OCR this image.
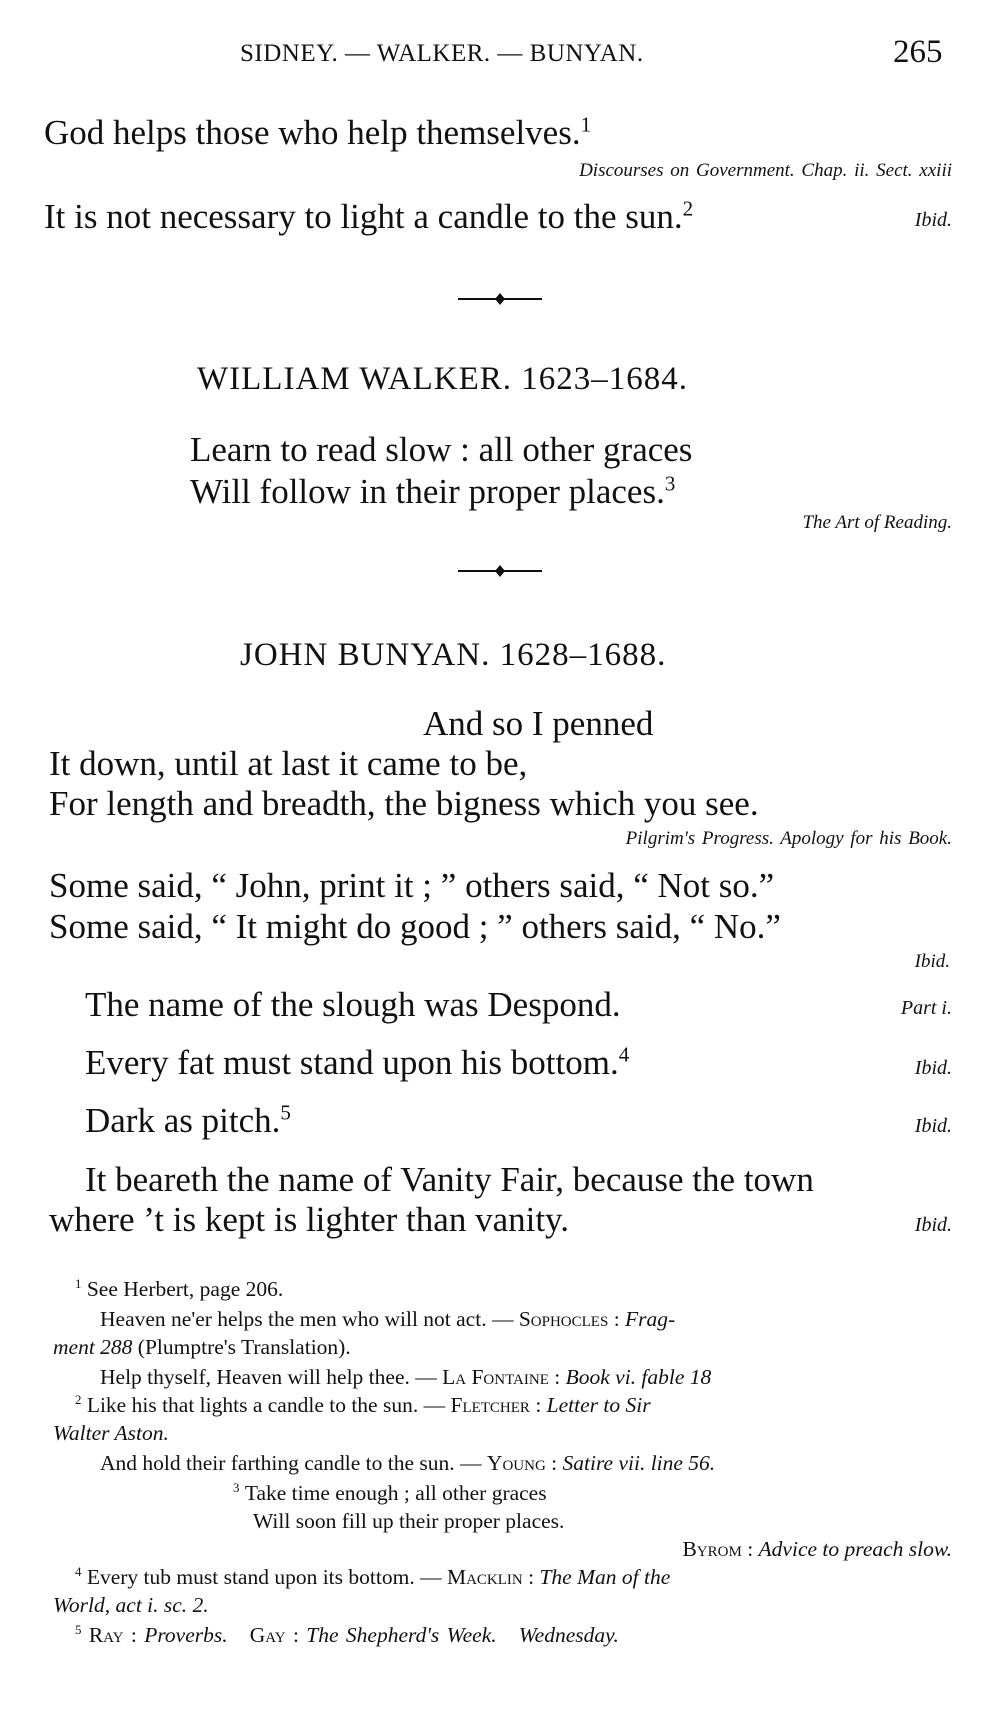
SIDNEY. — WALKER. — BUNYAN.	265
God helps those who help themselves.$^1$
Discourses on Government. Chap. ii. Sect. xxiii
It is not necessary to light a candle to the sun.$^2$	Ibid.
WILLIAM WALKER. 1623–1684.
Learn to read slow : all other graces
Will follow in their proper places.$^3$
The Art of Reading.
JOHN BUNYAN. 1628–1688.
And so I penned
It down, until at last it came to be,
For length and breadth, the bigness which you see.
Pilgrim's Progress. Apology for his Book.
Some said, “ John, print it ; ” others said, “ Not so.”
Some said, “ It might do good ; ” others said, “ No.”
Ibid.
The name of the slough was Despond.	Part i.
Every fat must stand upon his bottom.$^4$
Ibid.
Dark as pitch.$^5$
Ibid.
It beareth the name of Vanity Fair, because the town
where ’t is kept is lighter than vanity.	Ibid.
$^1$ See Herbert, page 206.
Heaven ne'er helps the men who will not act. — Sophocles : Frag-
ment 288 (Plumptre's Translation).
Help thyself, Heaven will help thee. — La Fontaine : Book vi. fable 18
$^2$ Like his that lights a candle to the sun. — Fletcher : Letter to Sir
Walter Aston.
And hold their farthing candle to the sun. — Young : Satire vii. line 56.
$^3$ Take time enough ; all other graces
Will soon fill up their proper places.
Byrom : Advice to preach slow.
$^4$ Every tub must stand upon its bottom. — Macklin : The Man of the
World, act i. sc. 2.
$^5$ Ray : Proverbs. Gay : The Shepherd's Week. Wednesday.
